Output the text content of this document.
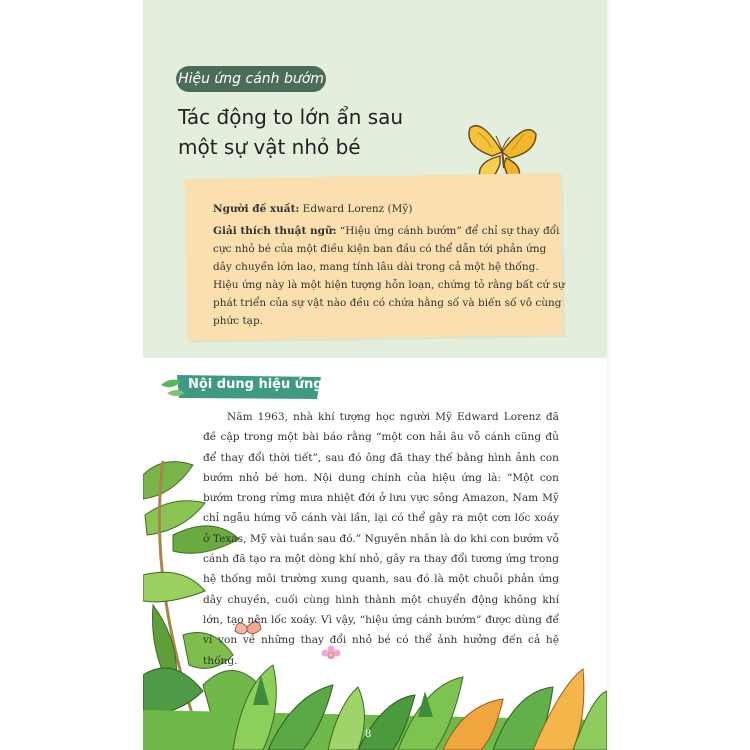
Hiệu ứng cánh bướm
Tác động to lớn ẩn sau
một sự vật nhỏ bé

Người đề xuất: Edward Lorenz (Mỹ)

Giải thích thuật ngữ: “Hiệu ứng cánh bướm” để chỉ sự thay đổi cực nhỏ bé của một điều kiện ban đầu có thể dẫn tới phản ứng dây chuyền lớn lao, mang tính lâu dài trong cả một hệ thống. Hiệu ứng này là một hiện tượng hỗn loạn, chứng tỏ rằng bất cứ sự phát triển của sự vật nào đều có chứa hằng số và biến số vô cùng phức tạp.

Nội dung hiệu ứng
8
Năm 1963, nhà khí tượng học người Mỹ Edward Lorenz đã đề cập trong một bài báo rằng “một con hải âu vỗ cánh cũng đủ để thay đổi thời tiết”, sau đó ông đã thay thế bằng hình ảnh con bướm nhỏ bé hơn. Nội dung chính của hiệu ứng là: “Một con bướm trong rừng mưa nhiệt đới ở lưu vực sông Amazon, Nam Mỹ chỉ ngẫu hứng vỗ cánh vài lần, lại có thể gây ra một cơn lốc xoáy ở Texas, Mỹ vài tuần sau đó.” Nguyên nhân là do khi con bướm vỗ cánh đã tạo ra một dòng khí nhỏ, gây ra thay đổi tương ứng trong hệ thống môi trường xung quanh, sau đó là một chuỗi phản ứng dây chuyền, cuối cùng hình thành một chuyển động không khí lớn, tạo nên lốc xoáy. Vì vậy, “hiệu ứng cánh bướm” được dùng để ví von về những thay đổi nhỏ bé có thể ảnh hưởng đến cả hệ thống.
